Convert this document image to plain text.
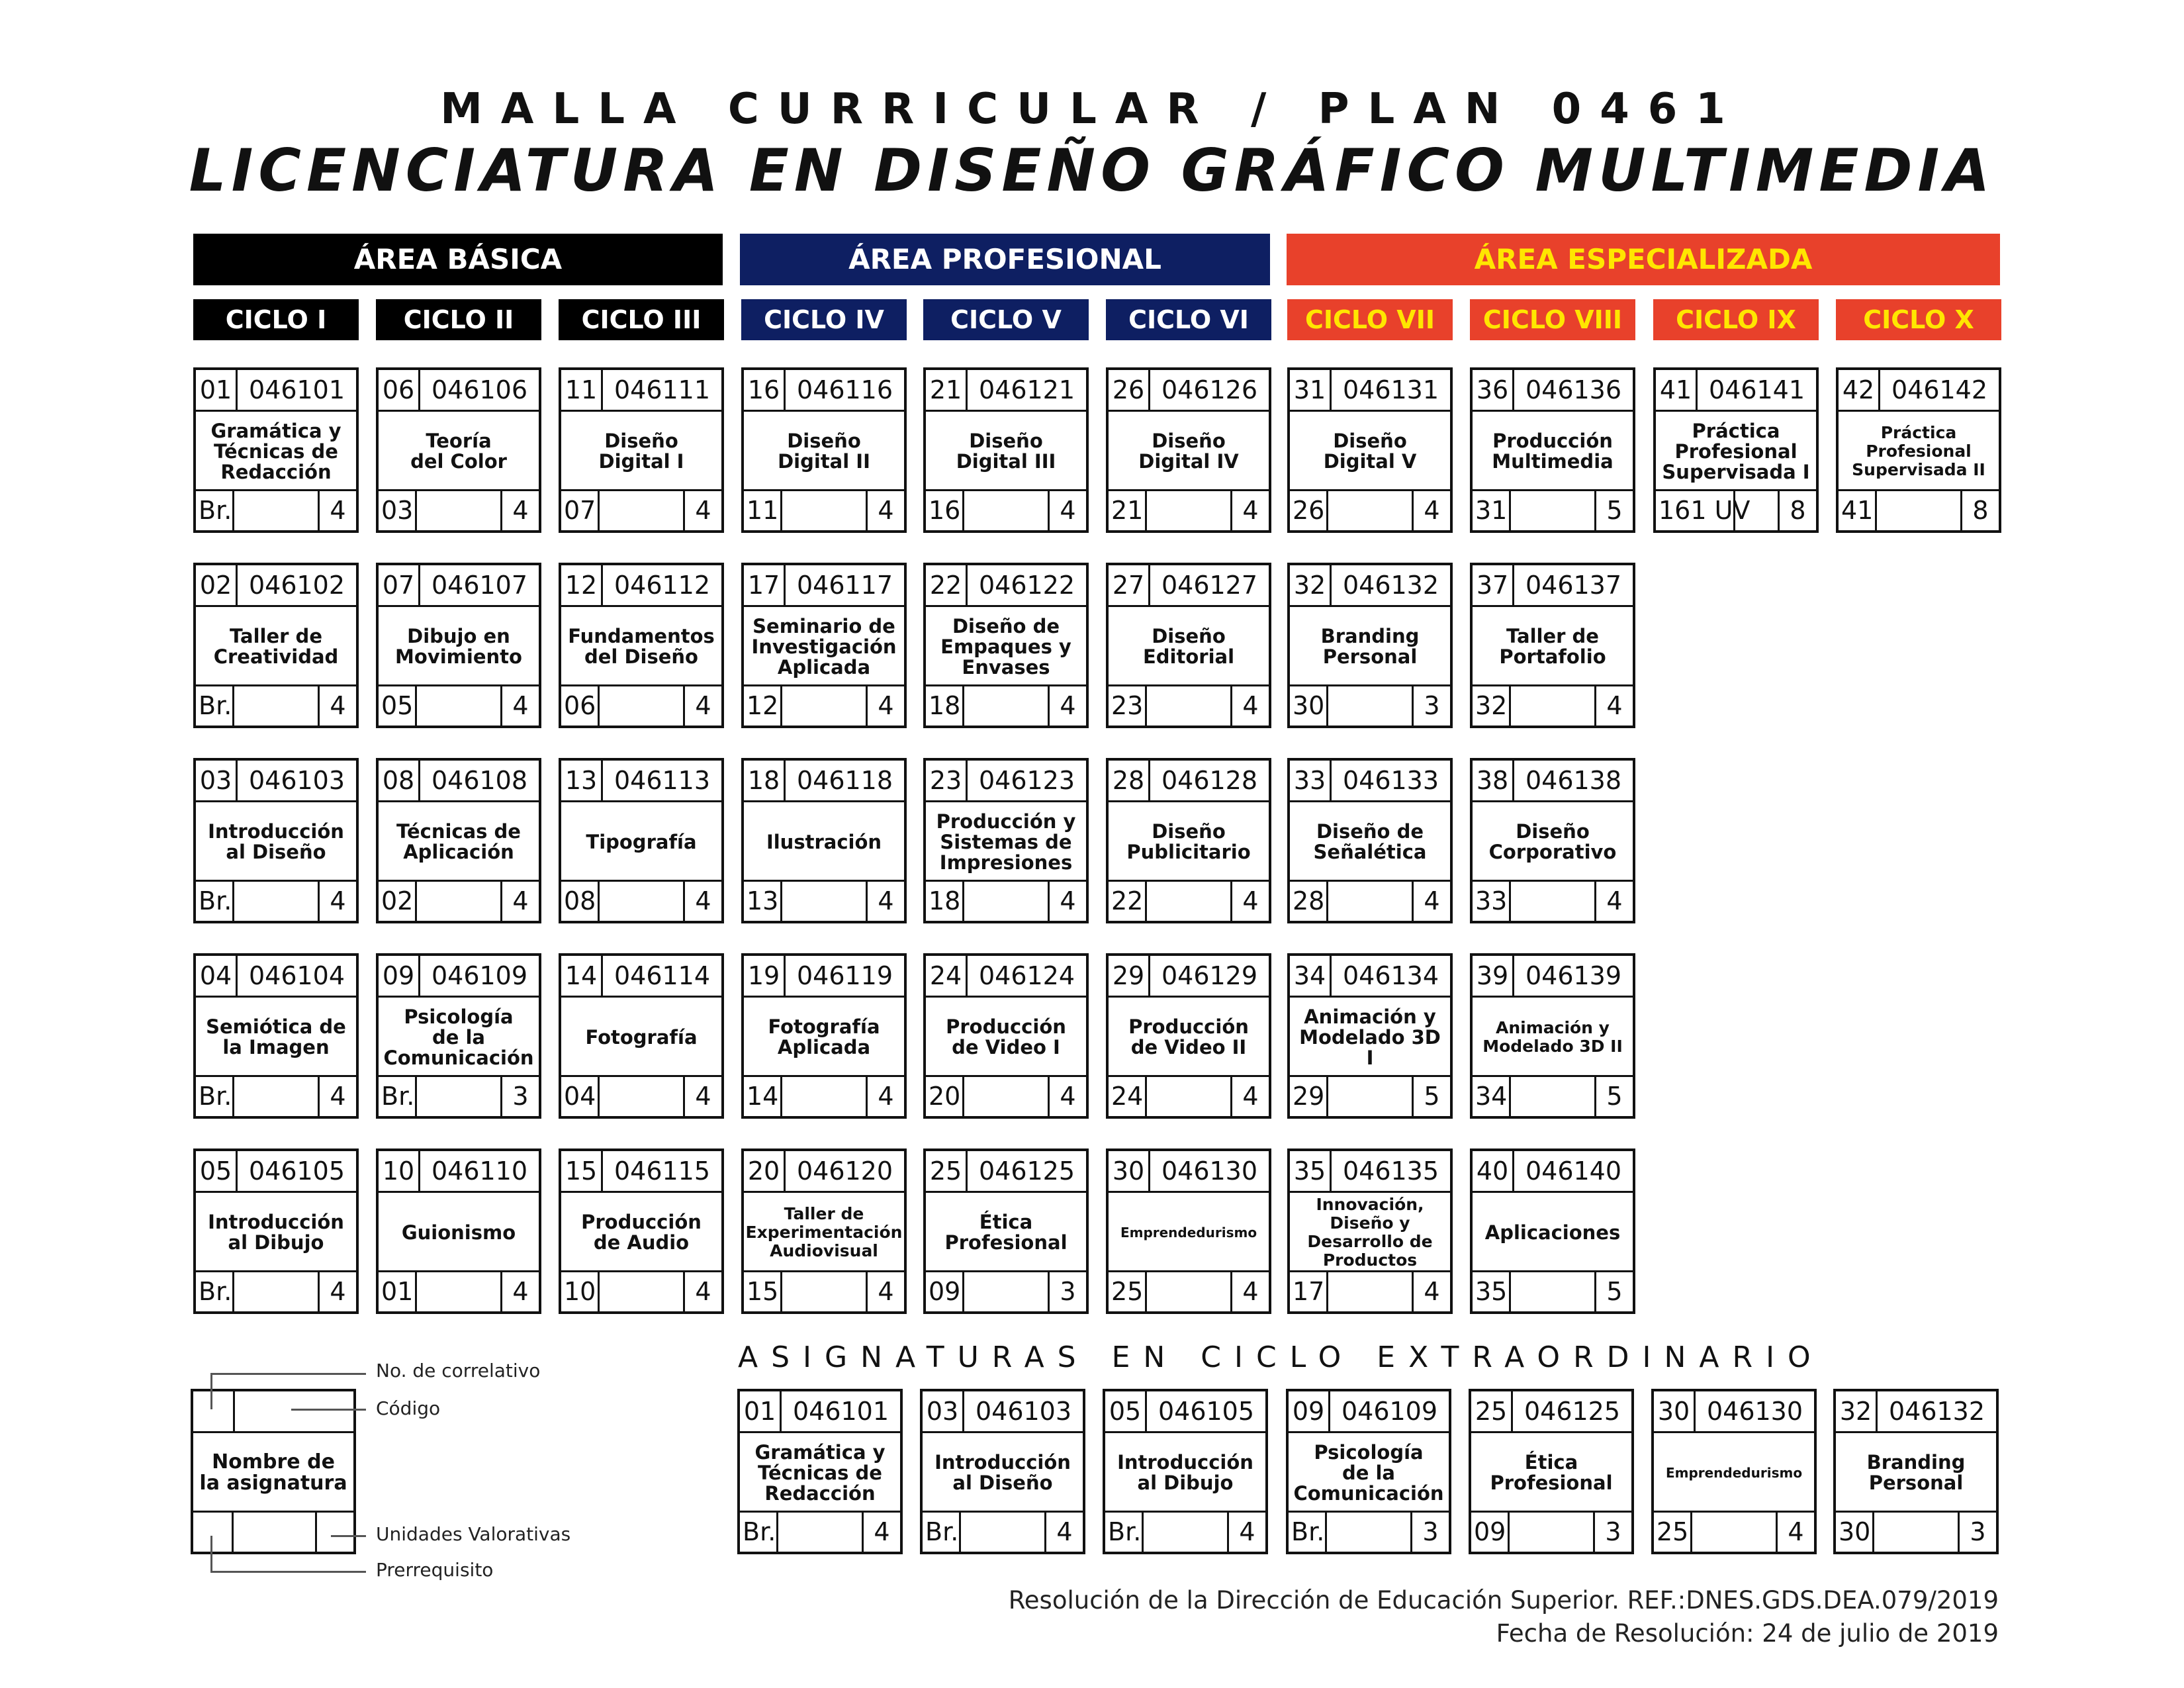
MALLA CURRICULAR / PLAN 0461
LICENCIATURA EN DISEÑO GRÁFICO MULTIMEDIA
ÁREA BÁSICA	ÁREA PROFESIONAL	ÁREA ESPECIALIZADA
CICLO I	CICLO II	CICLO III	CICLO IV	CICLO V	CICLO VI	CICLO VII	CICLO VIII	CICLO IX	CICLO X
01 046101
Gramática y
Técnicas de
Redacción
Br.	4
02 046102
Taller de
Creatividad
Br.	4
03 046103
Introducción
al Diseño
Br.	4
04 046104
Semiótica de
la Imagen
Br.	4
05 046105
Introducción
al Dibujo
Br.	4
06 046106
Teoría
del Color
03	4
07 046107
Dibujo en
Movimiento
05	4
08 046108
Técnicas de
Aplicación
02	4
09 046109
Psicología
de la
Comunicación
Br.	3
10 046110
Guionismo
01	4
11 046111
Diseño
Digital I
07	4
12 046112
Fundamentos
del Diseño
06	4
13 046113
Tipografía
08	4
14 046114
Fotografía
04	4
15 046115
Producción
de Audio
10	4
16 046116
Diseño
Digital II
11	4
17 046117
Seminario de
Investigación
Aplicada
12	4
18 046118
Ilustración
13	4
19 046119
Fotografía
Aplicada
14	4
20 046120
Taller de
Experimentación
Audiovisual
15	4
21 046121
Diseño
Digital III
16	4
22 046122
Diseño de
Empaques y
Envases
18	4
23 046123
Producción y
Sistemas de
Impresiones
18	4
24 046124
Producción
de Video I
20	4
25 046125
Ética
Profesional
09	3
26 046126
Diseño
Digital IV
21	4
27 046127
Diseño
Editorial
23	4
28 046128
Diseño
Publicitario
22	4
29 046129
Producción
de Video II
24	4
30 046130
Emprendedurismo
25	4
31 046131
Diseño
Digital V
26	4
32 046132
Branding
Personal
30	3
33 046133
Diseño de
Señalética
28	4
34 046134
Animación y
Modelado 3D I
29	5
35 046135
Innovación,
Diseño y
Desarrollo de
Productos
17	4
36 046136
Producción
Multimedia
31	5
37 046137
Taller de
Portafolio
32	4
38 046138
Diseño
Corporativo
33	4
39 046139
Animación y
Modelado 3D II
34	5
40 046140
Aplicaciones
35	5
41 046141
Práctica
Profesional
Supervisada I
161 UV	8
42 046142
Práctica
Profesional
Supervisada II
41	8
ASIGNATURAS EN CICLO EXTRAORDINARIO
01 046101
Gramática y
Técnicas de
Redacción
Br.	4
03 046103
Introducción
al Diseño
Br.	4
05 046105
Introducción
al Dibujo
Br.	4
09 046109
Psicología
de la
Comunicación
Br.	3
25 046125
Ética
Profesional
09	3
30 046130
Emprendedurismo
25	4
32 046132
Branding
Personal
30	3
Nombre de
la asignatura
No. de correlativo
Código
Unidades Valorativas
Prerrequisito
Resolución de la Dirección de Educación Superior. REF.:DNES.GDS.DEA.079/2019
Fecha de Resolución: 24 de julio de 2019
